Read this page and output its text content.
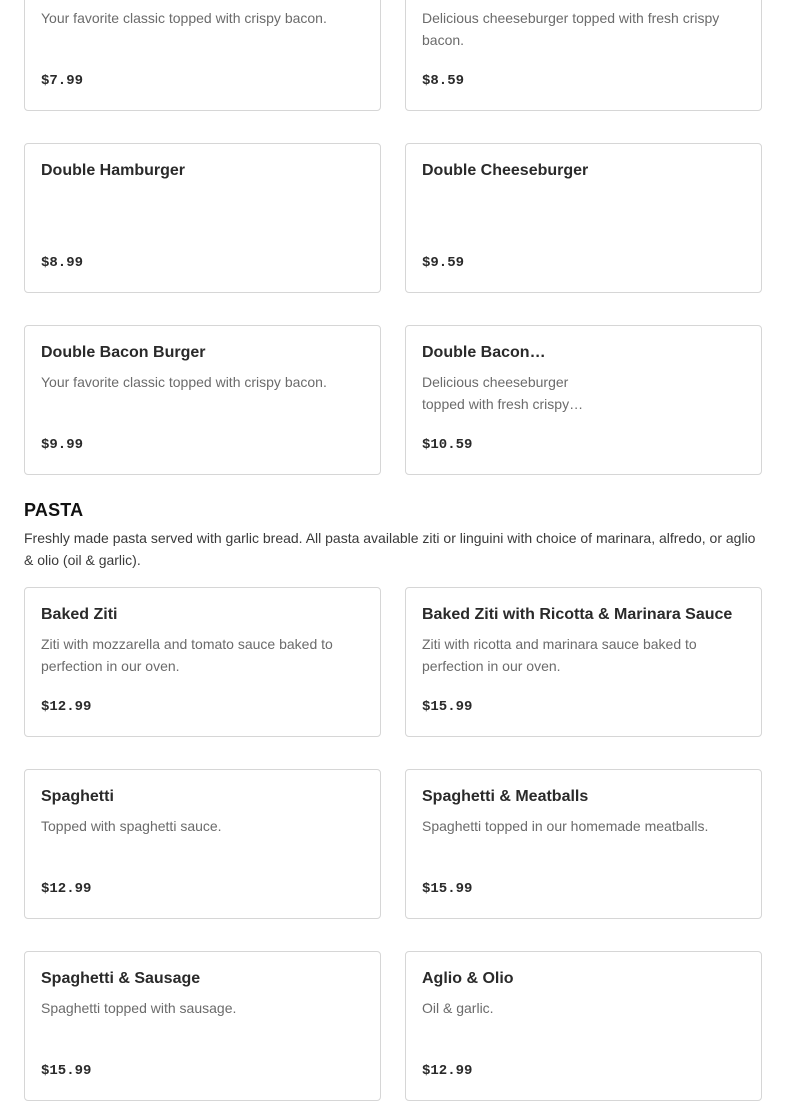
Your favorite classic topped with crispy bacon.
$7.99
Delicious cheeseburger topped with fresh crispy bacon.
$8.59
Double Hamburger
$8.99
Double Cheeseburger
$9.59
Double Bacon Burger
Your favorite classic topped with crispy bacon.
$9.99
Double Bacon…
Delicious cheeseburger topped with fresh crispy…
$10.59
PASTA

Freshly made pasta served with garlic bread. All pasta available ziti or linguini with choice of marinara, alfredo, or aglio & olio (oil & garlic).

Baked Ziti
Ziti with mozzarella and tomato sauce baked to perfection in our oven.
$12.99
Baked Ziti with Ricotta & Marinara Sauce
Ziti with ricotta and marinara sauce baked to perfection in our oven.
$15.99
Spaghetti
Topped with spaghetti sauce.
$12.99
Spaghetti & Meatballs
Spaghetti topped in our homemade meatballs.
$15.99
Spaghetti & Sausage
Spaghetti topped with sausage.
$15.99
Aglio & Olio
Oil & garlic.
$12.99
